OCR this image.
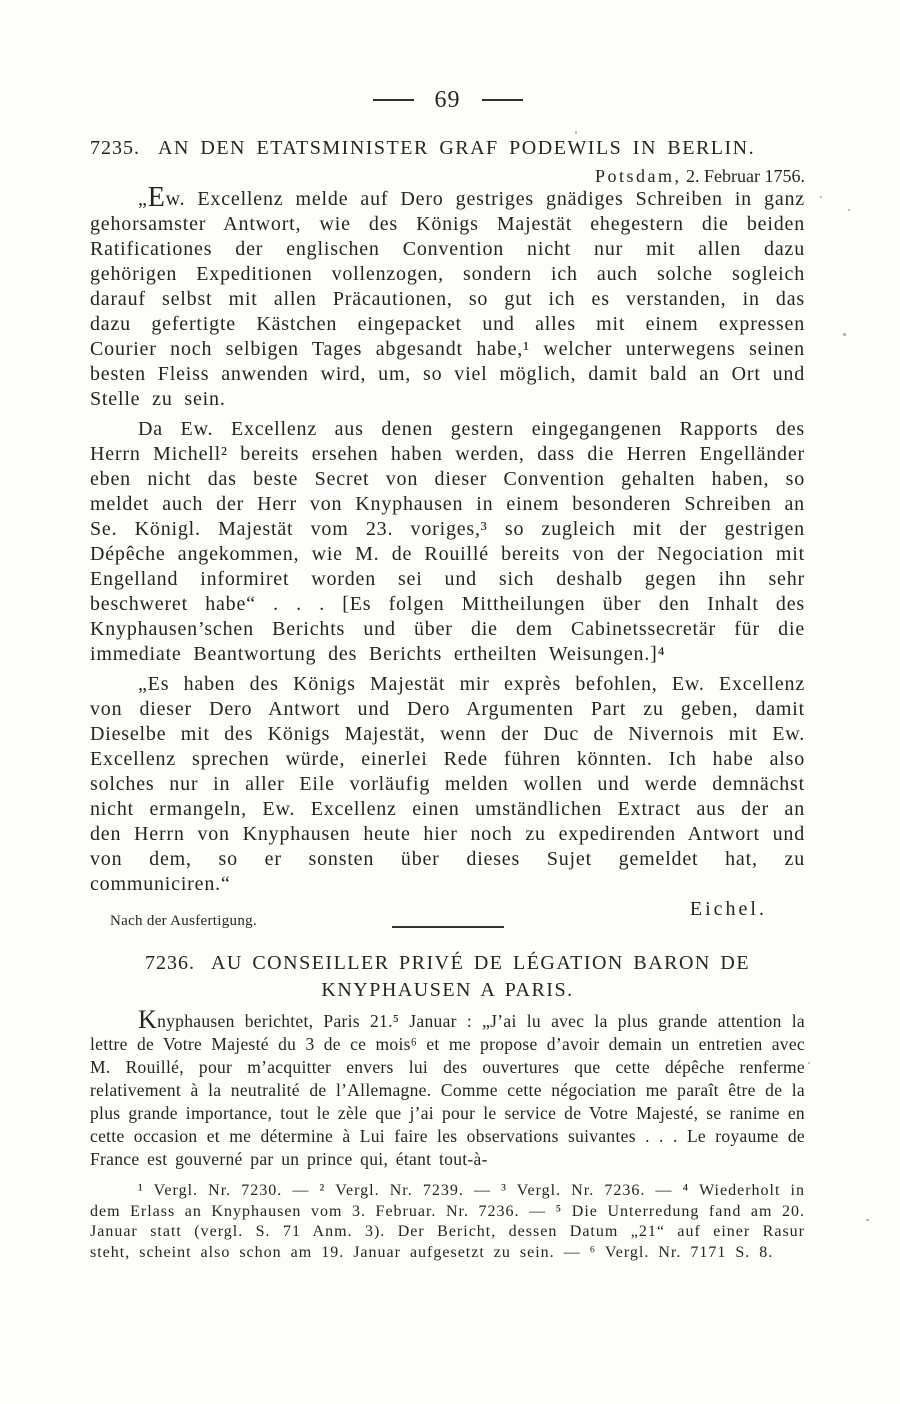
69
7235. AN DEN ETATSMINISTER GRAF PODEWILS IN BERLIN.
Potsdam, 2. Februar 1756.

„Ew. Excellenz melde auf Dero gestriges gnädiges Schreiben in ganz gehorsamster Antwort, wie des Königs Majestät ehegestern die beiden Ratificationes der englischen Convention nicht nur mit allen dazu gehörigen Expeditionen vollenzogen, sondern ich auch solche sogleich darauf selbst mit allen Präcautionen, so gut ich es verstanden, in das dazu gefertigte Kästchen eingepacket und alles mit einem expressen Courier noch selbigen Tages abgesandt habe,¹ welcher unterwegens seinen besten Fleiss anwenden wird, um, so viel möglich, damit bald an Ort und Stelle zu sein.

Da Ew. Excellenz aus denen gestern eingegangenen Rapports des Herrn Michell² bereits ersehen haben werden, dass die Herren Engelländer eben nicht das beste Secret von dieser Convention gehalten haben, so meldet auch der Herr von Knyphausen in einem besonderen Schreiben an Se. Königl. Majestät vom 23. voriges,³ so zugleich mit der gestrigen Dépêche angekommen, wie M. de Rouillé bereits von der Negociation mit Engelland informiret worden sei und sich deshalb gegen ihn sehr beschweret habe“ . . . [Es folgen Mittheilungen über den Inhalt des Knyphausen’schen Berichts und über die dem Cabinetssecretär für die immediate Beantwortung des Berichts ertheilten Weisungen.]⁴

„Es haben des Königs Majestät mir exprès befohlen, Ew. Excellenz von dieser Dero Antwort und Dero Argumenten Part zu geben, damit Dieselbe mit des Königs Majestät, wenn der Duc de Nivernois mit Ew. Excellenz sprechen würde, einerlei Rede führen könnten. Ich habe also solches nur in aller Eile vorläufig melden wollen und werde demnächst nicht ermangeln, Ew. Excellenz einen umständlichen Extract aus der an den Herrn von Knyphausen heute hier noch zu expedirenden Antwort und von dem, so er sonsten über dieses Sujet gemeldet hat, zu communiciren.“

Eichel.
Nach der Ausfertigung.
7236. AU CONSEILLER PRIVÉ DE LÉGATION BARON DE
KNYPHAUSEN A PARIS.

Knyphausen berichtet, Paris 21.⁵ Januar : „J’ai lu avec la plus grande attention la lettre de Votre Majesté du 3 de ce mois⁶ et me propose d’avoir demain un entretien avec M. Rouillé, pour m’acquitter envers lui des ouvertures que cette dépêche renferme relativement à la neutralité de l’Allemagne. Comme cette négociation me paraît être de la plus grande importance, tout le zèle que j’ai pour le service de Votre Majesté, se ranime en cette occasion et me détermine à Lui faire les observations suivantes . . . Le royaume de France est gouverné par un prince qui, étant tout-à-

¹ Vergl. Nr. 7230. — ² Vergl. Nr. 7239. — ³ Vergl. Nr. 7236. — ⁴ Wiederholt in dem Erlass an Knyphausen vom 3. Februar. Nr. 7236. — ⁵ Die Unterredung fand am 20. Januar statt (vergl. S. 71 Anm. 3). Der Bericht, dessen Datum „21“ auf einer Rasur steht, scheint also schon am 19. Januar aufgesetzt zu sein. — ⁶ Vergl. Nr. 7171 S. 8.
